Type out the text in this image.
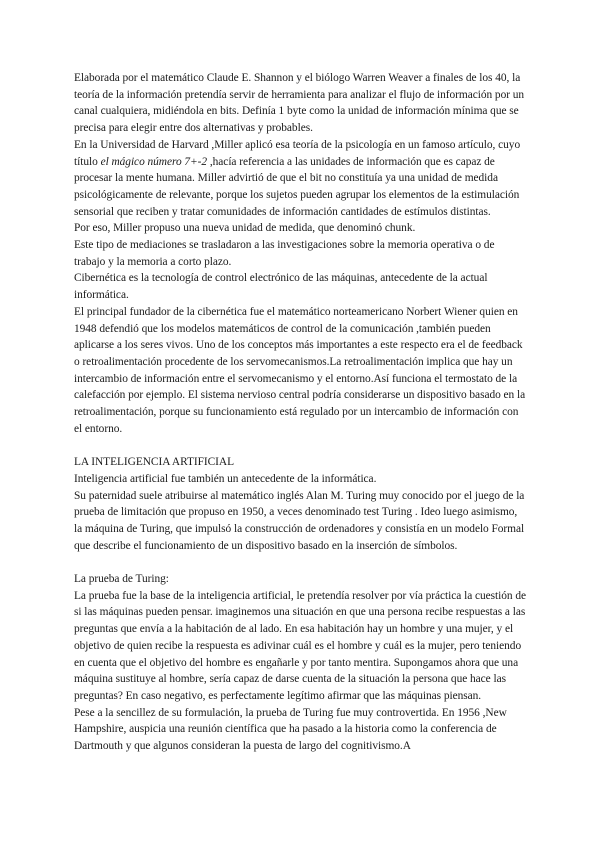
Elaborada por el matemático Claude E. Shannon y el biólogo Warren Weaver a finales de los 40, la teoría de la información pretendía servir de herramienta para analizar el flujo de información por un canal cualquiera, midiéndola en bits. Definía 1 byte como la unidad de información mínima que se precisa para elegir entre dos alternativas y probables.

En la Universidad de Harvard ,Miller aplicó esa teoría de la psicología en un famoso artículo, cuyo título el mágico número 7+-2 ,hacía referencia a las unidades de información que es capaz de procesar la mente humana. Miller advirtió de que el bit no constituía ya una unidad de medida psicológicamente de relevante, porque los sujetos pueden agrupar los elementos de la estimulación sensorial que reciben y tratar comunidades de información cantidades de estímulos distintas.

Por eso, Miller propuso una nueva unidad de medida, que denominó chunk.

Este tipo de mediaciones se trasladaron a las investigaciones sobre la memoria operativa o de trabajo y la memoria a corto plazo.

Cibernética es la tecnología de control electrónico de las máquinas, antecedente de la actual informática.

El principal fundador de la cibernética fue el matemático norteamericano Norbert Wiener quien en 1948 defendió que los modelos matemáticos de control de la comunicación ,también pueden aplicarse a los seres vivos. Uno de los conceptos más importantes a este respecto era el de feedback o retroalimentación procedente de los servomecanismos.La retroalimentación implica que hay un intercambio de información entre el servomecanismo y el entorno.Así funciona el termostato de la calefacción por ejemplo. El sistema nervioso central podría considerarse un dispositivo basado en la retroalimentación, porque su funcionamiento está regulado por un intercambio de información con el entorno.

LA INTELIGENCIA ARTIFICIAL

Inteligencia artificial fue también un antecedente de la informática.

Su paternidad suele atribuirse al matemático inglés Alan M. Turing muy conocido por el juego de la prueba de limitación que propuso en 1950, a veces denominado test Turing . Ideo luego asimismo, la máquina de Turing, que impulsó la construcción de ordenadores y consistía en un modelo Formal que describe el funcionamiento de un dispositivo basado en la inserción de símbolos.

La prueba de Turing:

La prueba fue la base de la inteligencia artificial, le pretendía resolver por vía práctica la cuestión de si las máquinas pueden pensar. imaginemos una situación en que una persona recibe respuestas a las preguntas que envía a la habitación de al lado. En esa habitación hay un hombre y una mujer, y el objetivo de quien recibe la respuesta es adivinar cuál es el hombre y cuál es la mujer, pero teniendo en cuenta que el objetivo del hombre es engañarle y por tanto mentira. Supongamos ahora que una máquina sustituye al hombre, sería capaz de darse cuenta de la situación la persona que hace las preguntas? En caso negativo, es perfectamente legítimo afirmar que las máquinas piensan.

Pese a la sencillez de su formulación, la prueba de Turing fue muy controvertida. En 1956 ,New Hampshire, auspicia una reunión científica que ha pasado a la historia como la conferencia de Dartmouth y que algunos consideran la puesta de largo del cognitivismo.A
